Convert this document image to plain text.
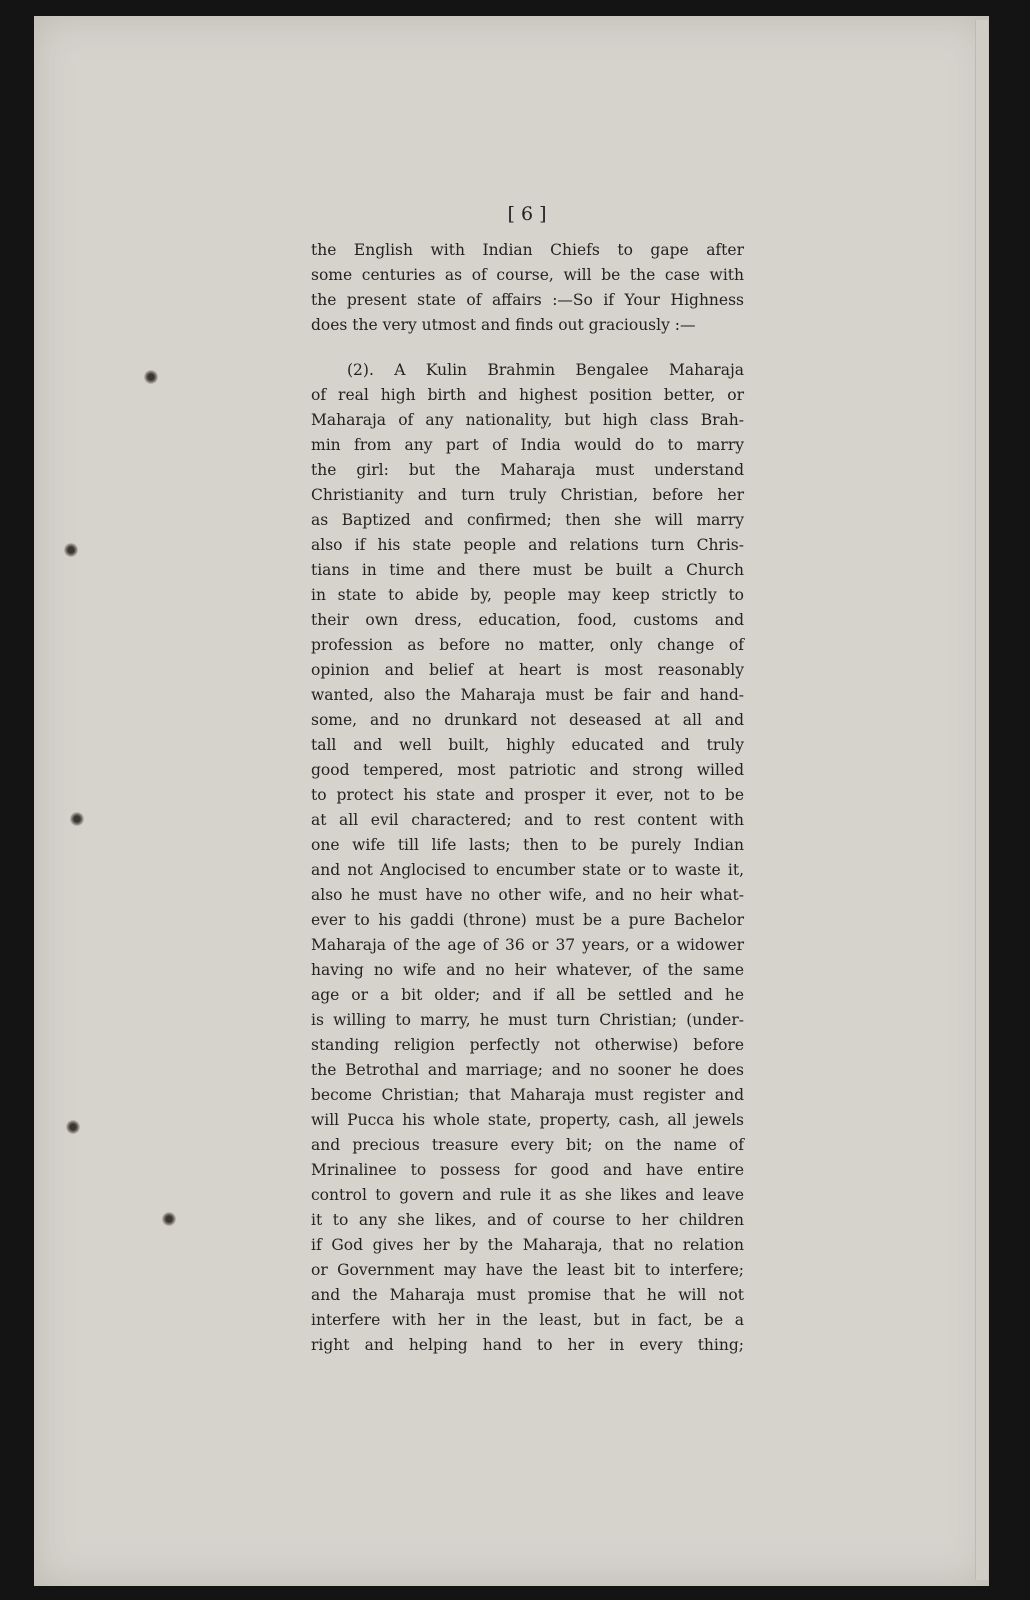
[ 6 ]
the English with Indian Chiefs to gape after
some centuries as of course, will be the case with
the present state of affairs :—So if Your Highness
does the very utmost and finds out graciously :—
(2). A Kulin Brahmin Bengalee Maharaja
of real high birth and highest position better, or
Maharaja of any nationality, but high class Brah-
min from any part of India would do to marry
the girl: but the Maharaja must understand
Christianity and turn truly Christian, before her
as Baptized and confirmed; then she will marry
also if his state people and relations turn Chris-
tians in time and there must be built a Church
in state to abide by, people may keep strictly to
their own dress, education, food, customs and
profession as before no matter, only change of
opinion and belief at heart is most reasonably
wanted, also the Maharaja must be fair and hand-
some, and no drunkard not deseased at all and
tall and well built, highly educated and truly
good tempered, most patriotic and strong willed
to protect his state and prosper it ever, not to be
at all evil charactered; and to rest content with
one wife till life lasts; then to be purely Indian
and not Anglocised to encumber state or to waste it,
also he must have no other wife, and no heir what-
ever to his gaddi (throne) must be a pure Bachelor
Maharaja of the age of 36 or 37 years, or a widower
having no wife and no heir whatever, of the same
age or a bit older; and if all be settled and he
is willing to marry, he must turn Christian; (under-
standing religion perfectly not otherwise) before
the Betrothal and marriage; and no sooner he does
become Christian; that Maharaja must register and
will Pucca his whole state, property, cash, all jewels
and precious treasure every bit; on the name of
Mrinalinee to possess for good and have entire
control to govern and rule it as she likes and leave
it to any she likes, and of course to her children
if God gives her by the Maharaja, that no relation
or Government may have the least bit to interfere;
and the Maharaja must promise that he will not
interfere with her in the least, but in fact, be a
right and helping hand to her in every thing;
